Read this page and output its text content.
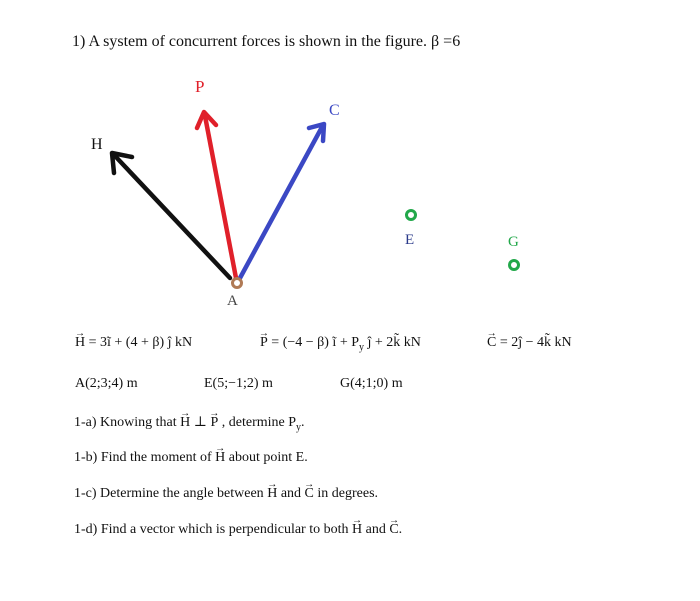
1) A system of concurrent forces is shown in the figure. β =6
P
C
H
A
E	G
→ H = 3ĩ + (4 + β) ĵ kN	→ P = (−4 − β) ĩ + $P_y$ ĵ + 2k̃ kN	→ C = 2ĵ − 4k̃ kN
A(2;3;4) m	E(5;−1;2) m	G(4;1;0) m
1-a) Knowing that → H ⊥ → P , determine $P_y$.
1-b) Find the moment of → H about point E.
1-c) Determine the angle between → H and → C in degrees.
1-d) Find a vector which is perpendicular to both → H and → C.
